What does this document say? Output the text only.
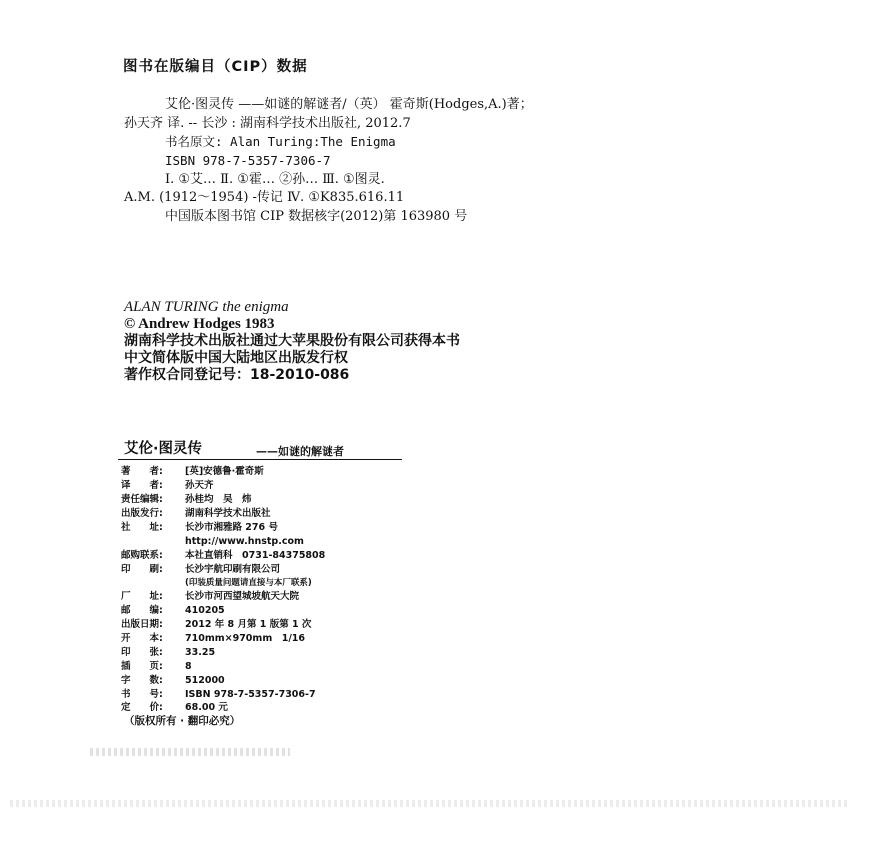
图书在版编目（CIP）数据
艾伦·图灵传 ——如谜的解谜者/（英） 霍奇斯(Hodges,A.)著；
孙天齐 译. -- 长沙 : 湖南科学技术出版社, 2012.7
书名原文: Alan Turing:The Enigma
ISBN 978-7-5357-7306-7
Ⅰ. ①艾… Ⅱ. ①霍… ②孙… Ⅲ. ①图灵.
A.M. (1912～1954) -传记 Ⅳ. ①K835.616.11
中国版本图书馆 CIP 数据核字(2012)第 163980 号
ALAN TURING the enigma
© Andrew Hodges 1983
湖南科学技术出版社通过大苹果股份有限公司获得本书
中文简体版中国大陆地区出版发行权
著作权合同登记号：18-2010-086
艾伦·图灵传	——如谜的解谜者
著　　者: [英]安德鲁·霍奇斯
译　　者: 孙天齐
责任编辑: 孙桂均　吴　炜
出版发行: 湖南科学技术出版社
社　　址: 长沙市湘雅路 276 号
http://www.hnstp.com
邮购联系: 本社直销科　0731-84375808
印　　刷: 长沙宇航印刷有限公司
(印装质量问题请直接与本厂联系)
厂　　址: 长沙市河西望城坡航天大院
邮　　编: 410205
出版日期: 2012 年 8 月第 1 版第 1 次
开　　本: 710mm×970mm　1/16
印　　张: 33.25
插　　页: 8
字　　数: 512000
书　　号: ISBN 978-7-5357-7306-7
定　　价: 68.00 元
（版权所有 · 翻印必究）
